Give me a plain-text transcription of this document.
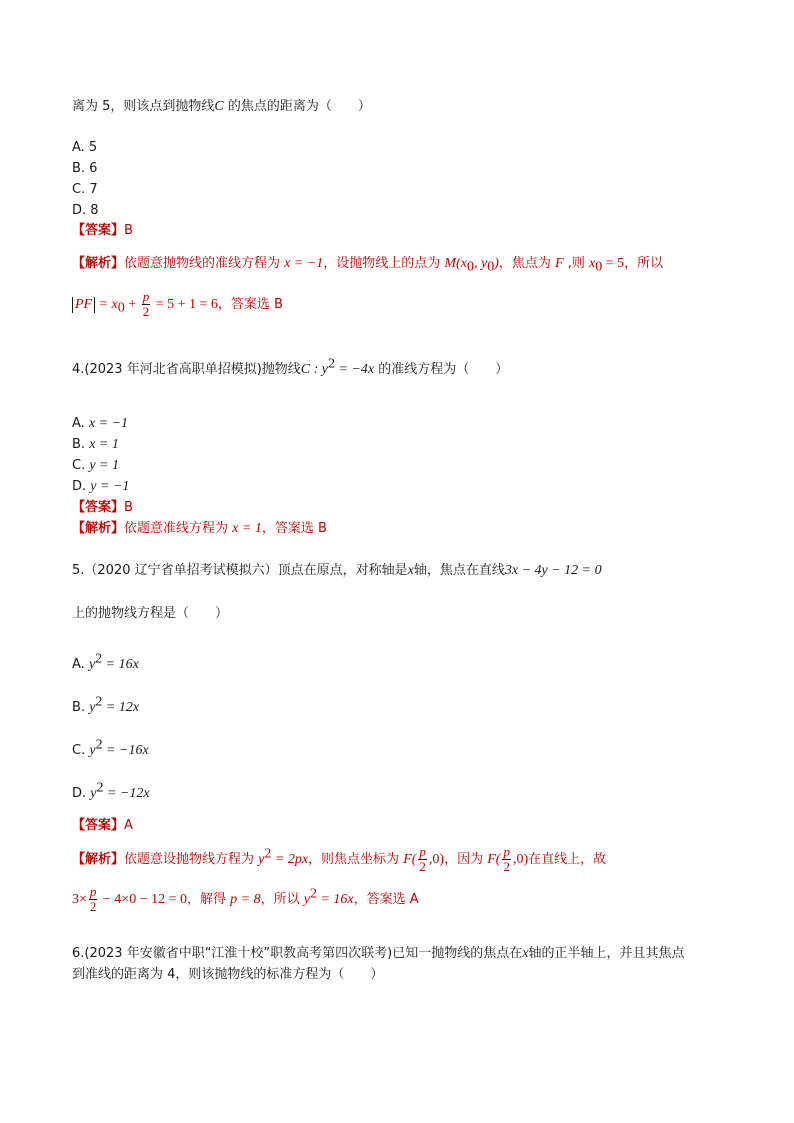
离为 5，则该点到抛物线C 的焦点的距离为（　　）
A. 5
B. 6
C. 7
D. 8
【答案】B
【解析】依题意抛物线的准线方程为 x = −1，设抛物线上的点为 $M(x_0$, $y_0$)，焦点为 F ,则 $x_0 = 5$，所以
PF = $x_0 + \frac{p}{2} = 5 + 1 = 6$，答案选 B
4.(2023 年河北省高职单招模拟)抛物线C : $y^2 = -4x$ 的准线方程为（　　）
A. x = −1
B. x = 1
C. y = 1
D. y = −1
【答案】B
【解析】依题意准线方程为 x = 1，答案选 B
5.（2020 辽宁省单招考试模拟六）顶点在原点，对称轴是x轴，焦点在直线3x − 4y − 12 = 0
上的抛物线方程是（　　）
A. $y^2 = 16x$
B. $y^2 = 12x$
C. $y^2 = -16x$
D. $y^2 = -12x$
【答案】A
【解析】依题意设抛物线方程为 $y^2 = 2px$，则焦点坐标为 $F( \frac{p}{2} ,0)$，因为 $F( \frac{p}{2} ,0)$在直线上，故
$3\times \frac{p}{2} - 4\times 0 - 12 = 0$，解得 p = 8，所以 $y^2 = 16x$，答案选 A
6.(2023 年安徽省中职“江淮十校”职教高考第四次联考)已知一抛物线的焦点在x轴的正半轴上，并且其焦点
到准线的距离为 4，则该抛物线的标准方程为（　　）
